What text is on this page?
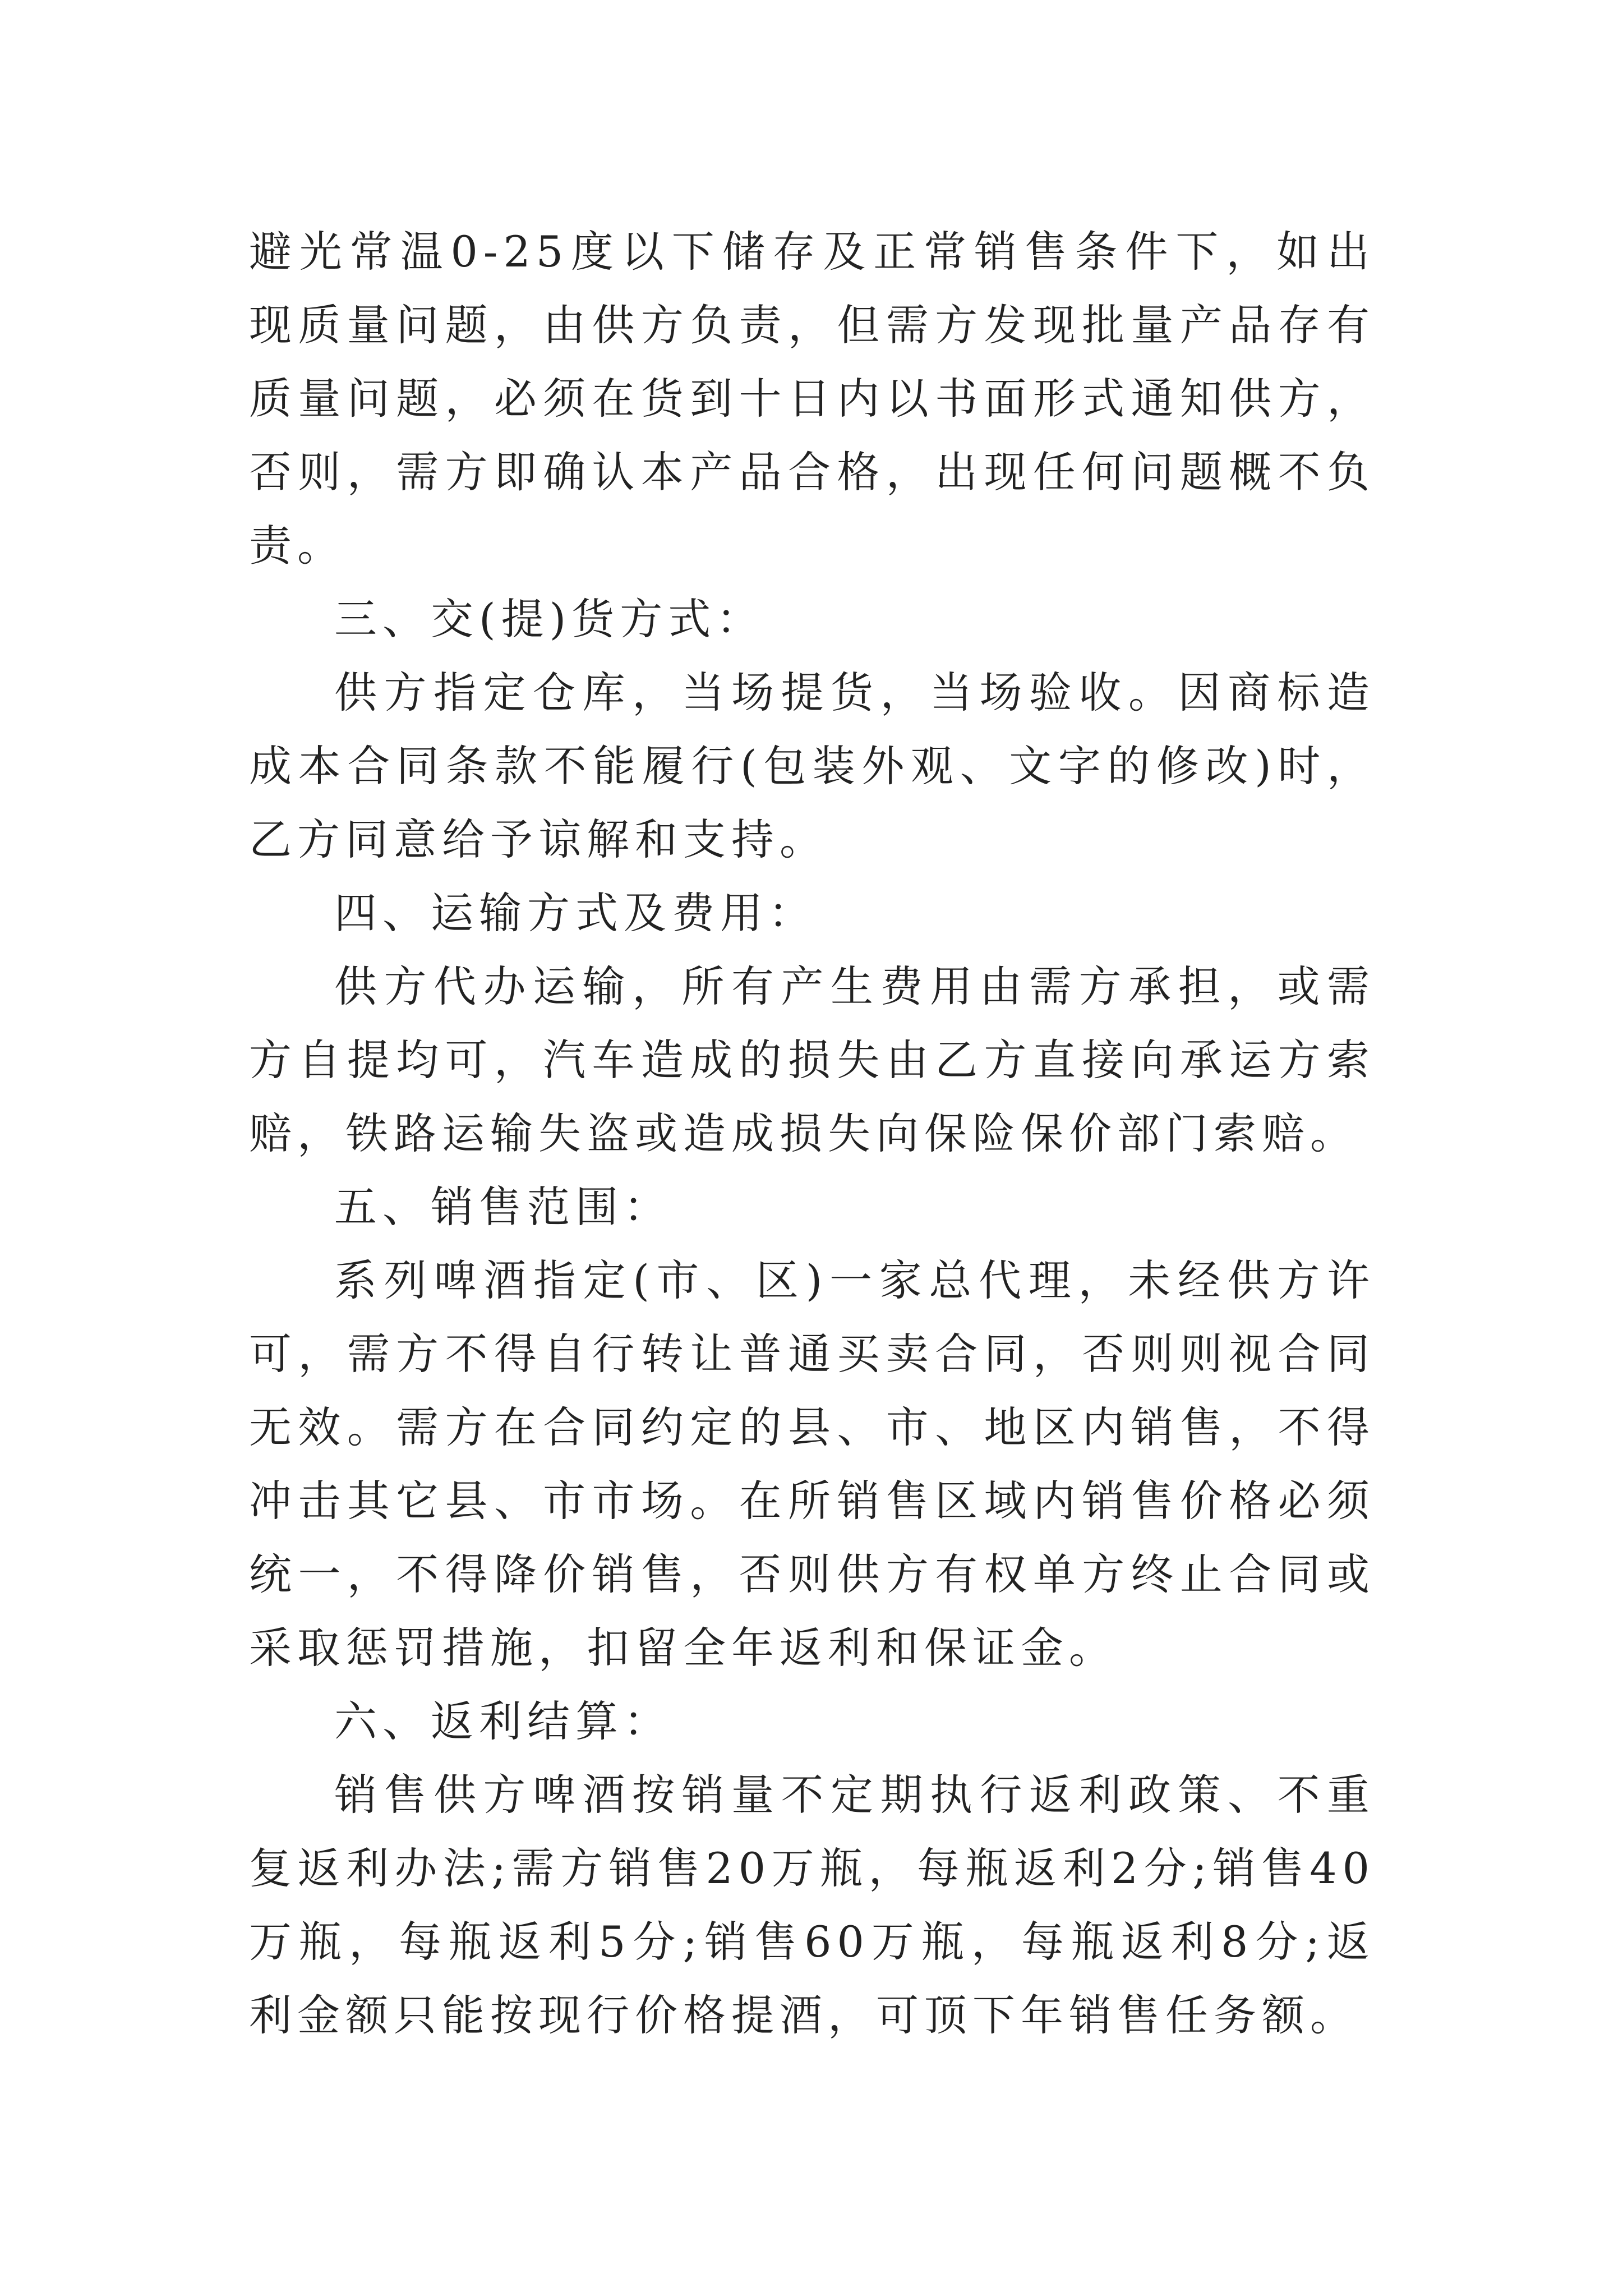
避光常温0-25度以下储存及正常销售条件下，如出现质量问题，由供方负责，但需方发现批量产品存有质量问题，必须在货到十日内以书面形式通知供方，否则，需方即确认本产品合格，出现任何问题概不负责。

三、交(提)货方式：

供方指定仓库，当场提货，当场验收。因商标造成本合同条款不能履行(包装外观、文字的修改)时，乙方同意给予谅解和支持。

四、运输方式及费用：

供方代办运输，所有产生费用由需方承担，或需方自提均可，汽车造成的损失由乙方直接向承运方索赔，铁路运输失盗或造成损失向保险保价部门索赔。

五、销售范围：

系列啤酒指定(市、区)一家总代理，未经供方许可，需方不得自行转让普通买卖合同，否则则视合同无效。需方在合同约定的县、市、地区内销售，不得冲击其它县、市市场。在所销售区域内销售价格必须统一，不得降价销售，否则供方有权单方终止合同或采取惩罚措施，扣留全年返利和保证金。

六、返利结算：

销售供方啤酒按销量不定期执行返利政策、不重复返利办法;需方销售20万瓶，每瓶返利2分;销售40万瓶，每瓶返利5分;销售60万瓶，每瓶返利8分;返利金额只能按现行价格提酒，可顶下年销售任务额。
